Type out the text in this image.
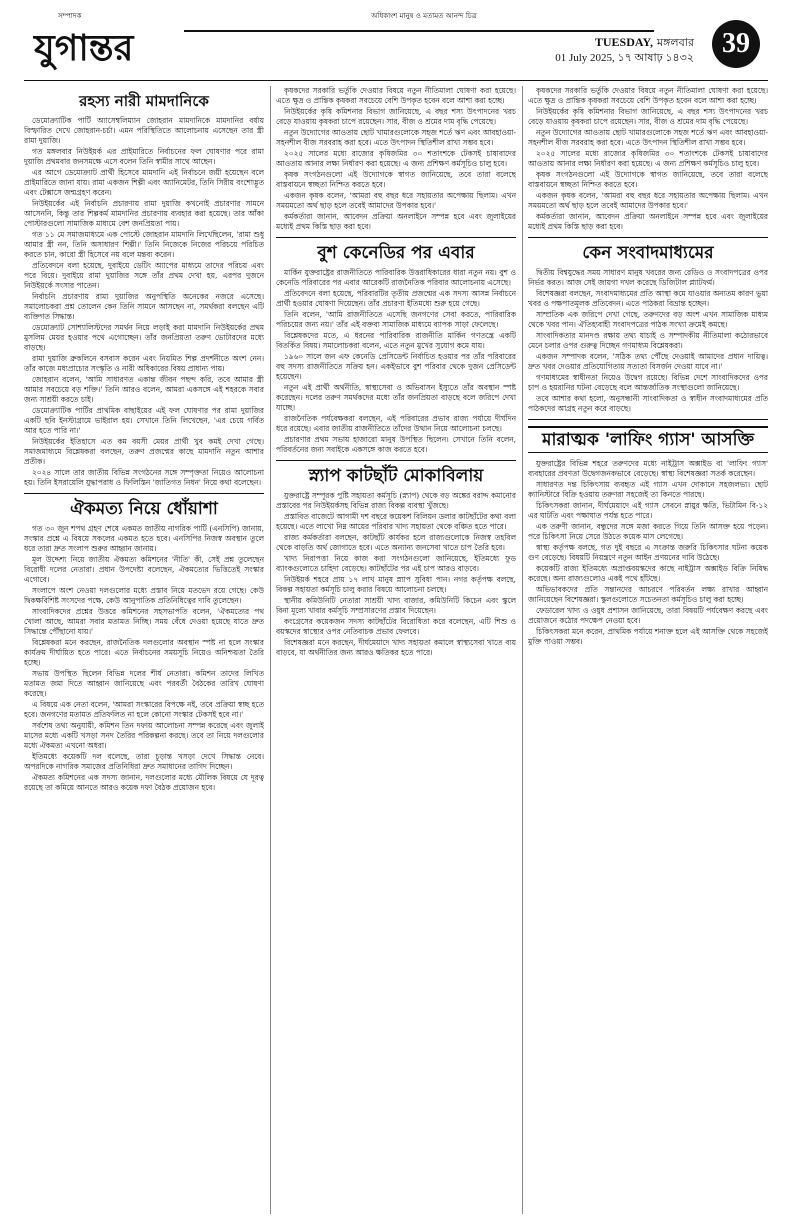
সম্পাদক	অধিকাংশ মানুষ ও মতামত আনন্দ চিত্র
যুগান্তর	TUESDAY, মঙ্গলবার
01 July 2025, ১৭ আষাঢ় ১৪৩২	39
রহস্য নারী মামদানিকে

ডেমোক্র্যাটিক পার্টি অ্যাসেম্বলিম্যান জোহরান মামদানিকে মামদানির বর্ষায় বিস্ফারিত দেখে জোহরান-চর্চা। এমন পরিস্থিতিতে আলোচনায় এসেছেন তার স্ত্রী রামা দুয়াজি।

গত মঙ্গলবার নিউইয়র্ক এর প্রাইমারিতে নির্বাচনের ফল ঘোষণার পরে রামা দুয়াজি প্রথমবার জনসমক্ষে এসে বলেন তিনি স্বামীর সাথে আছেন।

এর আগে ডেমোক্র্যাট প্রার্থী হিসেবে মামদানি এই নির্বাচনে জয়ী হয়েছেন বলে প্রাইমারিতে জানা যায়। রামা একজন শিল্পী এবং অ্যানিমেটর, তিনি সিরীয় বংশোদ্ভূত এবং টেক্সাসে জন্মগ্রহণ করেন।

নিউইয়র্কের এই নির্বাচনি প্রচারণায় রামা দুয়াজি কখনোই প্রচারণার সামনে আসেননি, কিন্তু তার শিল্পকর্ম মামদানির প্রচারণায় ব্যবহার করা হয়েছে। তার আঁকা পোস্টারগুলো সামাজিক মাধ্যমে বেশ জনপ্রিয়তা পায়।

গত ১১ মে সমাজমাধ্যমে এক পোস্টে জোহরান মামদানি লিখেছিলেন, 'রামা শুধু আমার স্ত্রী নন, তিনি অসাধারণ শিল্পী।' তিনি নিজেকে নিজের পরিচয়ে পরিচিত করতে চান, কারো স্ত্রী হিসেবে নয় বলে মন্তব্য করেন।

প্রতিবেদনে বলা হয়েছে, দুবাইয়ে ডেটিং অ্যাপের মাধ্যমে তাদের পরিচয় এবং পরে বিয়ে। দুবাইয়ে রামা দুয়াজির সঙ্গে তাঁর প্রথম দেখা হয়, এরপর দুজনে নিউইয়র্কে সংসার পাতেন।

নির্বাচনি প্রচারণায় রামা দুয়াজির অনুপস্থিতি অনেকের নজরে এসেছে। সমালোচকরা প্রশ্ন তোলেন কেন তিনি সামনে আসছেন না, সমর্থকরা বলছেন এটি ব্যক্তিগত সিদ্ধান্ত।

ডেমোক্র্যাট সোশ্যালিস্টদের সমর্থন নিয়ে লড়াই করা মামদানি নিউইয়র্কের প্রথম মুসলিম মেয়র হওয়ার পথে এগোচ্ছেন। তাঁর জনপ্রিয়তা তরুণ ভোটারদের মধ্যে বাড়ছে।

রামা দুয়াজি ব্রুকলিনে বসবাস করেন এবং নিয়মিত শিল্প প্রদর্শনীতে অংশ নেন। তাঁর কাজে মধ্যপ্রাচ্যের সংস্কৃতি ও নারী অধিকারের বিষয় প্রাধান্য পায়।

জোহরান বলেন, 'আমি সাধারণত একান্ত জীবন পছন্দ করি, তবে আমার স্ত্রী আমার সবচেয়ে বড় শক্তি।' তিনি আরও বলেন, আমরা একসঙ্গে এই শহরকে সবার জন্য সাশ্রয়ী করতে চাই।

ডেমোক্র্যাটিক পার্টির প্রাথমিক বাছাইয়ের এই ফল ঘোষণার পর রামা দুয়াজির একটি ছবি ইনস্টাগ্রামে ভাইরাল হয়। সেখানে তিনি লিখেছেন, 'এর চেয়ে গর্বিত আর হতে পারি না।'

নিউইয়র্কের ইতিহাসে এত কম বয়সী মেয়র প্রার্থী খুব কমই দেখা গেছে। সমাজমাধ্যমে বিশ্লেষকরা বলছেন, তরুণ প্রজন্মের কাছে মামদানি নতুন আশার প্রতীক।

২০২৪ সালে তার জাতীয় বিভিন্ন সংগঠনের সঙ্গে সম্পৃক্ততা নিয়েও আলোচনা হয়। তিনি ইসরায়েলি যুদ্ধাপরাধ ও ফিলিস্তিন 'জাতিগত নিধন' নিয়ে কথা বলেছেন।

ঐকমত্য নিয়ে ধোঁয়াশা

গত ৩০ জুন শপথ গ্রহণ শেষে একমত জাতীয় নাগরিক পার্টি (এনসিপি) জানায়, সংস্কার প্রশ্নে এ বিষয়ে সকলের একমত হতে হবে। এনসিপির নিজস্ব অবস্থান তুলে ধরে তারা দ্রুত সংলাপ শুরুর আহ্বান জানায়।

মূল উদ্দেশ্য নিয়ে জাতীয় ঐকমত্য কমিশনের 'নীতি' কী, সেই প্রশ্ন তুলেছেন বিরোধী দলের নেতারা। প্রধান উপদেষ্টা বলেছেন, ঐকমত্যের ভিত্তিতেই সংস্কার এগোবে।

সংলাপে অংশ নেওয়া দলগুলোর মধ্যে প্রস্তাব নিয়ে মতভেদ রয়ে গেছে। কেউ দ্বিকক্ষবিশিষ্ট সংসদের পক্ষে, কেউ আনুপাতিক প্রতিনিধিত্বের দাবি তুলেছেন।

সাংবাদিকদের প্রশ্নের উত্তরে কমিশনের সহসভাপতি বলেন, 'ঐকমত্যের পথ খোলা আছে, আমরা সবার মতামত নিচ্ছি। সময় বেঁধে দেওয়া হয়েছে যাতে দ্রুত সিদ্ধান্তে পৌঁছানো যায়।'

বিশ্লেষকরা মনে করছেন, রাজনৈতিক দলগুলোর অবস্থান স্পষ্ট না হলে সংস্কার কার্যক্রম দীর্ঘায়িত হতে পারে। এতে নির্বাচনের সময়সূচি নিয়েও অনিশ্চয়তা তৈরি হচ্ছে।

সভায় উপস্থিত ছিলেন বিভিন্ন দলের শীর্ষ নেতারা। কমিশন তাদের লিখিত মতামত জমা দিতে আহ্বান জানিয়েছে এবং পরবর্তী বৈঠকের তারিখ ঘোষণা করেছে।

এ বিষয়ে এক নেতা বলেন, 'আমরা সংস্কারের বিপক্ষে নই, তবে প্রক্রিয়া স্বচ্ছ হতে হবে। জনগণের মতামত প্রতিফলিত না হলে কোনো সংস্কার টেকসই হবে না।'

সর্বশেষ তথ্য অনুযায়ী, কমিশন তিন দফায় আলোচনা সম্পন্ন করেছে এবং জুলাই মাসের মধ্যে একটি খসড়া সনদ তৈরির পরিকল্পনা করছে। তবে তা নিয়ে দলগুলোর মধ্যে ঐকমত্য এখনো অধরা।

ইতিমধ্যে কয়েকটি দল বলেছে, তারা চূড়ান্ত খসড়া দেখে সিদ্ধান্ত নেবে। অপরদিকে নাগরিক সমাজের প্রতিনিধিরা দ্রুত সমাধানের তাগিদ দিচ্ছেন।

ঐকমত্য কমিশনের এক সদস্য জানান, দলগুলোর মধ্যে মৌলিক বিষয়ে যে দূরত্ব রয়েছে তা কমিয়ে আনতে আরও কয়েক দফা বৈঠক প্রয়োজন হবে।

কৃষকদের সরকারি ভর্তুকি দেওয়ার বিষয়ে নতুন নীতিমালা ঘোষণা করা হয়েছে। এতে ক্ষুদ্র ও প্রান্তিক কৃষকরা সবচেয়ে বেশি উপকৃত হবেন বলে আশা করা হচ্ছে।

নিউইয়র্কের কৃষি কমিশনার বিভাগ জানিয়েছে, এ বছর শস্য উৎপাদনের খরচ বেড়ে যাওয়ায় কৃষকরা চাপে রয়েছেন। সার, বীজ ও শ্রমের দাম বৃদ্ধি পেয়েছে।

নতুন উদ্যোগের আওতায় ছোট খামারগুলোকে সহজ শর্তে ঋণ এবং আবহাওয়া-সহনশীল বীজ সরবরাহ করা হবে। এতে উৎপাদন স্থিতিশীল রাখা সম্ভব হবে।

২০২৫ সালের মধ্যে রাজ্যের কৃষিজমির ৩০ শতাংশকে টেকসই চাষাবাদের আওতায় আনার লক্ষ্য নির্ধারণ করা হয়েছে। এ জন্য প্রশিক্ষণ কর্মসূচিও চালু হবে।

কৃষক সংগঠনগুলো এই উদ্যোগকে স্বাগত জানিয়েছে, তবে তারা বলেছে বাস্তবায়নে স্বচ্ছতা নিশ্চিত করতে হবে।

একজন কৃষক বলেন, 'আমরা বহু বছর ধরে সহায়তার অপেক্ষায় ছিলাম। এখন সময়মতো অর্থ ছাড় হলে তবেই আমাদের উপকার হবে।'

কর্মকর্তারা জানান, আবেদন প্রক্রিয়া অনলাইনে সম্পন্ন হবে এবং জুলাইয়ের মধ্যেই প্রথম কিস্তি ছাড় করা হবে।

বুশ কেনেডির পর এবার

মার্কিন যুক্তরাষ্ট্রের রাজনীতিতে পারিবারিক উত্তরাধিকারের ধারা নতুন নয়। বুশ ও কেনেডি পরিবারের পর এবার আরেকটি রাজনৈতিক পরিবার আলোচনায় এসেছে।

প্রতিবেদনে বলা হয়েছে, পরিবারটির তৃতীয় প্রজন্মের এক সদস্য আসন্ন নির্বাচনে প্রার্থী হওয়ার ঘোষণা দিয়েছেন। তাঁর প্রচারণা ইতিমধ্যে শুরু হয়ে গেছে।

তিনি বলেন, 'আমি রাজনীতিতে এসেছি জনগণের সেবা করতে, পারিবারিক পরিচয়ের জন্য নয়।' তাঁর এই বক্তব্য সামাজিক মাধ্যমে ব্যাপক সাড়া ফেলেছে।

বিশ্লেষকদের মতে, এ ধরনের পারিবারিক রাজনীতি মার্কিন গণতন্ত্রে একটি বিতর্কিত বিষয়। সমালোচকরা বলেন, এতে নতুন মুখের সুযোগ কমে যায়।

১৯৬০ সালে জন এফ কেনেডি প্রেসিডেন্ট নির্বাচিত হওয়ার পর তাঁর পরিবারের বহু সদস্য রাজনীতিতে সক্রিয় হন। একইভাবে বুশ পরিবার থেকে দুজন প্রেসিডেন্ট হয়েছেন।

নতুন এই প্রার্থী অর্থনীতি, স্বাস্থ্যসেবা ও অভিবাসন ইস্যুতে তাঁর অবস্থান স্পষ্ট করেছেন। দলের তরুণ সমর্থকদের মধ্যে তাঁর জনপ্রিয়তা বাড়ছে বলে জরিপে দেখা যাচ্ছে।

রাজনৈতিক পর্যবেক্ষকরা বলছেন, এই পরিবারের প্রভাব রাজ্য পর্যায়ে দীর্ঘদিন ধরে রয়েছে। এবার জাতীয় রাজনীতিতে তাঁদের উত্থান নিয়ে আলোচনা চলছে।

প্রচারণার প্রথম সভায় হাজারো মানুষ উপস্থিত ছিলেন। সেখানে তিনি বলেন, পরিবর্তনের জন্য সবাইকে একসঙ্গে কাজ করতে হবে।

স্ন্যাপ কাটছাঁট মোকাবিলায়

যুক্তরাষ্ট্রে সম্পূরক পুষ্টি সহায়তা কর্মসূচি (স্ন্যাপ) থেকে বড় অঙ্কের বরাদ্দ কমানোর প্রস্তাবের পর নিউইয়র্কসহ বিভিন্ন রাজ্য বিকল্প ব্যবস্থা খুঁজছে।

প্রস্তাবিত বাজেটে আগামী দশ বছরে কয়েকশ বিলিয়ন ডলার কাটছাঁটের কথা বলা হয়েছে। এতে লাখো নিম্ন আয়ের পরিবার খাদ্য সহায়তা থেকে বঞ্চিত হতে পারে।

রাজ্য কর্মকর্তারা বলছেন, কাটছাঁট কার্যকর হলে রাজ্যগুলোকে নিজস্ব তহবিল থেকে বাড়তি অর্থ জোগাতে হবে। এতে অন্যান্য জনসেবা খাতে চাপ তৈরি হবে।

খাদ্য নিরাপত্তা নিয়ে কাজ করা সংগঠনগুলো জানিয়েছে, ইতিমধ্যে ফুড ব্যাংকগুলোতে চাহিদা বেড়েছে। কাটছাঁটের পর এই চাপ আরও বাড়বে।

নিউইয়র্ক শহরে প্রায় ১৭ লাখ মানুষ স্ন্যাপ সুবিধা পান। নগর কর্তৃপক্ষ বলছে, বিকল্প সহায়তা কর্মসূচি চালু করার বিষয়ে আলোচনা চলছে।

স্থানীয় কমিউনিটি নেতারা সাশ্রয়ী খাদ্য বাজার, কমিউনিটি কিচেন এবং স্কুলে বিনা মূল্যে খাবার কর্মসূচি সম্প্রসারণের প্রস্তাব দিয়েছেন।

কংগ্রেসের কয়েকজন সদস্য কাটছাঁটের বিরোধিতা করে বলেছেন, এটি শিশু ও বয়স্কদের স্বাস্থ্যের ওপর নেতিবাচক প্রভাব ফেলবে।

বিশেষজ্ঞরা মনে করছেন, দীর্ঘমেয়াদে খাদ্য সহায়তা কমালে স্বাস্থ্যসেবা খাতে ব্যয় বাড়বে, যা অর্থনীতির জন্য আরও ক্ষতিকর হতে পারে।

কৃষকদের সরকারি ভর্তুকি দেওয়ার বিষয়ে নতুন নীতিমালা ঘোষণা করা হয়েছে। এতে ক্ষুদ্র ও প্রান্তিক কৃষকরা সবচেয়ে বেশি উপকৃত হবেন বলে আশা করা হচ্ছে।

নিউইয়র্কের কৃষি কমিশনার বিভাগ জানিয়েছে, এ বছর শস্য উৎপাদনের খরচ বেড়ে যাওয়ায় কৃষকরা চাপে রয়েছেন। সার, বীজ ও শ্রমের দাম বৃদ্ধি পেয়েছে।

নতুন উদ্যোগের আওতায় ছোট খামারগুলোকে সহজ শর্তে ঋণ এবং আবহাওয়া-সহনশীল বীজ সরবরাহ করা হবে। এতে উৎপাদন স্থিতিশীল রাখা সম্ভব হবে।

২০২৫ সালের মধ্যে রাজ্যের কৃষিজমির ৩০ শতাংশকে টেকসই চাষাবাদের আওতায় আনার লক্ষ্য নির্ধারণ করা হয়েছে। এ জন্য প্রশিক্ষণ কর্মসূচিও চালু হবে।

কৃষক সংগঠনগুলো এই উদ্যোগকে স্বাগত জানিয়েছে, তবে তারা বলেছে বাস্তবায়নে স্বচ্ছতা নিশ্চিত করতে হবে।

একজন কৃষক বলেন, 'আমরা বহু বছর ধরে সহায়তার অপেক্ষায় ছিলাম। এখন সময়মতো অর্থ ছাড় হলে তবেই আমাদের উপকার হবে।'

কর্মকর্তারা জানান, আবেদন প্রক্রিয়া অনলাইনে সম্পন্ন হবে এবং জুলাইয়ের মধ্যেই প্রথম কিস্তি ছাড় করা হবে।

কেন সংবাদমাধ্যমের

দ্বিতীয় বিশ্বযুদ্ধের সময় সাধারণ মানুষ খবরের জন্য রেডিও ও সংবাদপত্রের ওপর নির্ভর করত। আজ সেই জায়গা দখল করেছে ডিজিটাল প্ল্যাটফর্ম।

বিশেষজ্ঞরা বলছেন, সংবাদমাধ্যমের প্রতি আস্থা কমে যাওয়ার অন্যতম কারণ ভুয়া খবর ও পক্ষপাতমূলক প্রতিবেদন। এতে পাঠকরা বিভ্রান্ত হচ্ছেন।

সাম্প্রতিক এক জরিপে দেখা গেছে, তরুণদের বড় অংশ এখন সামাজিক মাধ্যম থেকে খবর পান। ঐতিহ্যবাহী সংবাদপত্রের পাঠক সংখ্যা ক্রমেই কমছে।

সাংবাদিকতার মানদণ্ড রক্ষায় তথ্য যাচাই ও সম্পাদকীয় নীতিমালা কঠোরভাবে মেনে চলার ওপর গুরুত্ব দিচ্ছেন গণমাধ্যম বিশ্লেষকরা।

একজন সম্পাদক বলেন, 'সঠিক তথ্য পৌঁছে দেওয়াই আমাদের প্রধান দায়িত্ব। দ্রুত খবর দেওয়ার প্রতিযোগিতায় সত্যতা বিসর্জন দেওয়া যাবে না।'

গণমাধ্যমের স্বাধীনতা নিয়েও উদ্বেগ রয়েছে। বিভিন্ন দেশে সাংবাদিকদের ওপর চাপ ও হয়রানির ঘটনা বেড়েছে বলে আন্তর্জাতিক সংস্থাগুলো জানিয়েছে।

তবে আশার কথা হলো, অনুসন্ধানী সাংবাদিকতা ও স্বাধীন সংবাদমাধ্যমের প্রতি পাঠকদের আগ্রহ নতুন করে বাড়ছে।

মারাত্মক 'লাফিং গ্যাস' আসক্তি

যুক্তরাষ্ট্রের বিভিন্ন শহরে তরুণদের মধ্যে নাইট্রাস অক্সাইড বা 'লাফিং গ্যাস' ব্যবহারের প্রবণতা উদ্বেগজনকভাবে বেড়েছে। স্বাস্থ্য বিশেষজ্ঞরা সতর্ক করেছেন।

সাধারণত দন্ত চিকিৎসায় ব্যবহৃত এই গ্যাস এখন দোকানে সহজলভ্য। ছোট ক্যানিস্টারে বিক্রি হওয়ায় তরুণরা সহজেই তা কিনতে পারছে।

চিকিৎসকরা জানান, দীর্ঘমেয়াদে এই গ্যাস সেবনে স্নায়ুর ক্ষতি, ভিটামিন বি-১২ এর ঘাটতি এবং পক্ষাঘাত পর্যন্ত হতে পারে।

এক তরুণী জানান, বন্ধুদের সঙ্গে মজা করতে গিয়ে তিনি আসক্ত হয়ে পড়েন। পরে চিকিৎসা নিয়ে সেরে উঠতে কয়েক মাস লেগেছে।

স্বাস্থ্য কর্তৃপক্ষ বলছে, গত দুই বছরে এ সংক্রান্ত জরুরি চিকিৎসার ঘটনা কয়েক গুণ বেড়েছে। বিষয়টি নিয়ন্ত্রণে নতুন আইন প্রণয়নের দাবি উঠেছে।

কয়েকটি রাজ্য ইতিমধ্যে অপ্রাপ্তবয়স্কদের কাছে নাইট্রাস অক্সাইড বিক্রি নিষিদ্ধ করেছে। অন্য রাজ্যগুলোও একই পথে হাঁটছে।

অভিভাবকদের প্রতি সন্তানদের আচরণে পরিবর্তন লক্ষ্য রাখার আহ্বান জানিয়েছেন বিশেষজ্ঞরা। স্কুলগুলোতে সচেতনতা কর্মসূচিও চালু করা হচ্ছে।

ফেডারেল খাদ্য ও ওষুধ প্রশাসন জানিয়েছে, তারা বিষয়টি পর্যবেক্ষণ করছে এবং প্রয়োজনে কঠোর পদক্ষেপ নেওয়া হবে।

চিকিৎসকরা মনে করেন, প্রাথমিক পর্যায়ে শনাক্ত হলে এই আসক্তি থেকে সহজেই মুক্তি পাওয়া সম্ভব।
